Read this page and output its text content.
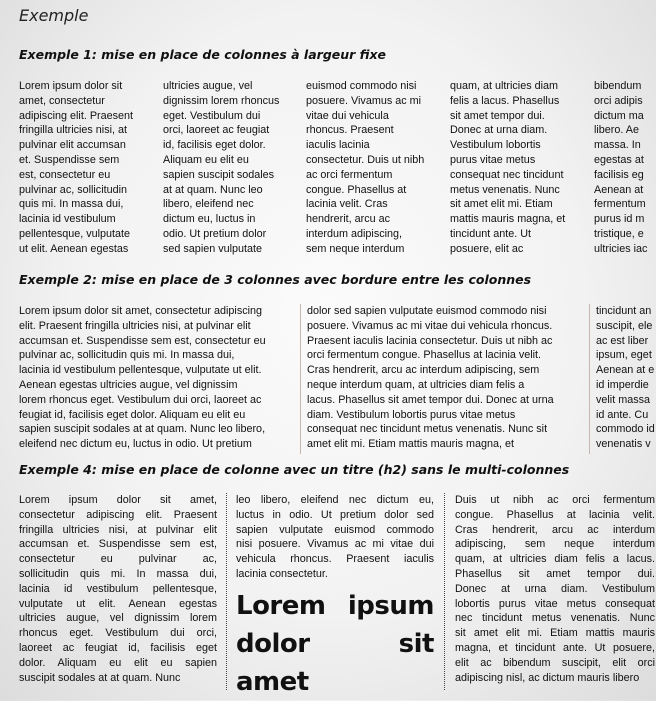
Exemple
Exemple 1: mise en place de colonnes à largeur fixe
Lorem ipsum dolor sit
amet, consectetur
adipiscing elit. Praesent
fringilla ultricies nisi, at
pulvinar elit accumsan
et. Suspendisse sem
est, consectetur eu
pulvinar ac, sollicitudin
quis mi. In massa dui,
lacinia id vestibulum
pellentesque, vulputate
ut elit. Aenean egestas
ultricies augue, vel
dignissim lorem rhoncus
eget. Vestibulum dui
orci, laoreet ac feugiat
id, facilisis eget dolor.
Aliquam eu elit eu
sapien suscipit sodales
at at quam. Nunc leo
libero, eleifend nec
dictum eu, luctus in
odio. Ut pretium dolor
sed sapien vulputate
euismod commodo nisi
posuere. Vivamus ac mi
vitae dui vehicula
rhoncus. Praesent
iaculis lacinia
consectetur. Duis ut nibh
ac orci fermentum
congue. Phasellus at
lacinia velit. Cras
hendrerit, arcu ac
interdum adipiscing,
sem neque interdum
quam, at ultricies diam
felis a lacus. Phasellus
sit amet tempor dui.
Donec at urna diam.
Vestibulum lobortis
purus vitae metus
consequat nec tincidunt
metus venenatis. Nunc
sit amet elit mi. Etiam
mattis mauris magna, et
tincidunt ante. Ut
posuere, elit ac
bibendum
orci adipis
dictum ma
libero. Ae
massa. In
egestas at
facilisis eg
Aenean at
fermentum
purus id m
tristique, e
ultricies iac
Exemple 2: mise en place de 3 colonnes avec bordure entre les colonnes
Lorem ipsum dolor sit amet, consectetur adipiscing
elit. Praesent fringilla ultricies nisi, at pulvinar elit
accumsan et. Suspendisse sem est, consectetur eu
pulvinar ac, sollicitudin quis mi. In massa dui,
lacinia id vestibulum pellentesque, vulputate ut elit.
Aenean egestas ultricies augue, vel dignissim
lorem rhoncus eget. Vestibulum dui orci, laoreet ac
feugiat id, facilisis eget dolor. Aliquam eu elit eu
sapien suscipit sodales at at quam. Nunc leo libero,
eleifend nec dictum eu, luctus in odio. Ut pretium
dolor sed sapien vulputate euismod commodo nisi
posuere. Vivamus ac mi vitae dui vehicula rhoncus.
Praesent iaculis lacinia consectetur. Duis ut nibh ac
orci fermentum congue. Phasellus at lacinia velit.
Cras hendrerit, arcu ac interdum adipiscing, sem
neque interdum quam, at ultricies diam felis a
lacus. Phasellus sit amet tempor dui. Donec at urna
diam. Vestibulum lobortis purus vitae metus
consequat nec tincidunt metus venenatis. Nunc sit
amet elit mi. Etiam mattis mauris magna, et
tincidunt an
suscipit, ele
ac est liber
ipsum, eget
Aenean at e
id imperdie
velit massa
id ante. Cu
commodo id
venenatis v
Exemple 4: mise en place de colonne avec un titre (h2) sans le multi-colonnes
Lorem ipsum dolor sit amet,
consectetur adipiscing elit. Praesent
fringilla ultricies nisi, at pulvinar elit
accumsan et. Suspendisse sem est,
consectetur eu pulvinar ac,
sollicitudin quis mi. In massa dui,
lacinia id vestibulum pellentesque,
vulputate ut elit. Aenean egestas
ultricies augue, vel dignissim lorem
rhoncus eget. Vestibulum dui orci,
laoreet ac feugiat id, facilisis eget
dolor. Aliquam eu elit eu sapien
suscipit sodales at at quam. Nunc
leo libero, eleifend nec dictum eu,
luctus in odio. Ut pretium dolor sed
sapien vulputate euismod commodo
nisi posuere. Vivamus ac mi vitae dui
vehicula rhoncus. Praesent iaculis
lacinia consectetur.
Lorem ipsum
dolor sit amet
Duis ut nibh ac orci fermentum
congue. Phasellus at lacinia velit.
Cras hendrerit, arcu ac interdum
adipiscing, sem neque interdum
quam, at ultricies diam felis a lacus.
Phasellus sit amet tempor dui.
Donec at urna diam. Vestibulum
lobortis purus vitae metus consequat
nec tincidunt metus venenatis. Nunc
sit amet elit mi. Etiam mattis mauris
magna, et tincidunt ante. Ut posuere,
elit ac bibendum suscipit, elit orci
adipiscing nisl, ac dictum mauris libero
